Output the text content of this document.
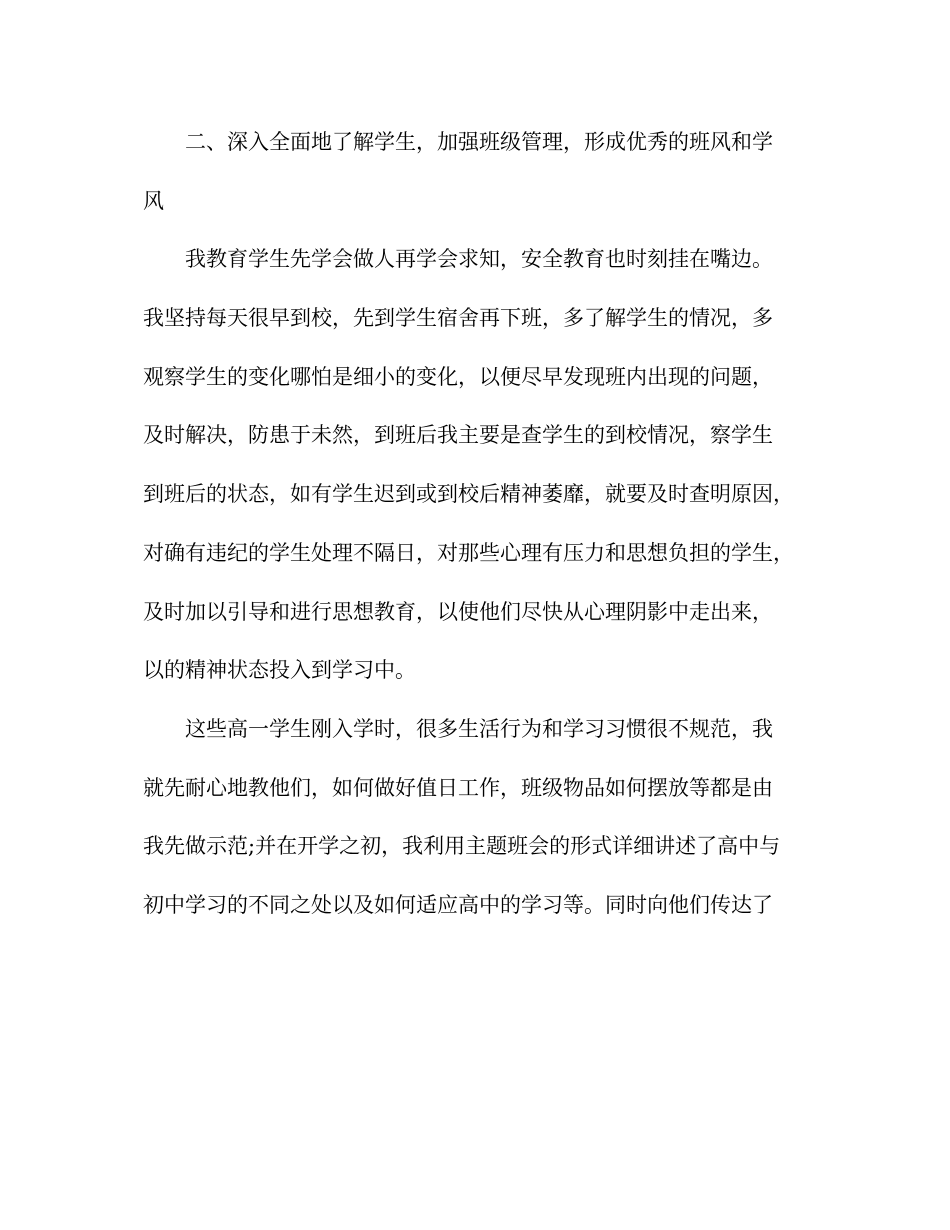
二、深入全面地了解学生，加强班级管理，形成优秀的班风和学
风
我教育学生先学会做人再学会求知，安全教育也时刻挂在嘴边。
我坚持每天很早到校，先到学生宿舍再下班，多了解学生的情况，多
观察学生的变化哪怕是细小的变化，以便尽早发现班内出现的问题，
及时解决，防患于未然，到班后我主要是查学生的到校情况，察学生
到班后的状态，如有学生迟到或到校后精神萎靡，就要及时查明原因，
对确有违纪的学生处理不隔日，对那些心理有压力和思想负担的学生，
及时加以引导和进行思想教育，以使他们尽快从心理阴影中走出来，
以的精神状态投入到学习中。
这些高一学生刚入学时，很多生活行为和学习习惯很不规范，我
就先耐心地教他们，如何做好值日工作，班级物品如何摆放等都是由
我先做示范;并在开学之初，我利用主题班会的形式详细讲述了高中与
初中学习的不同之处以及如何适应高中的学习等。同时向他们传达了
